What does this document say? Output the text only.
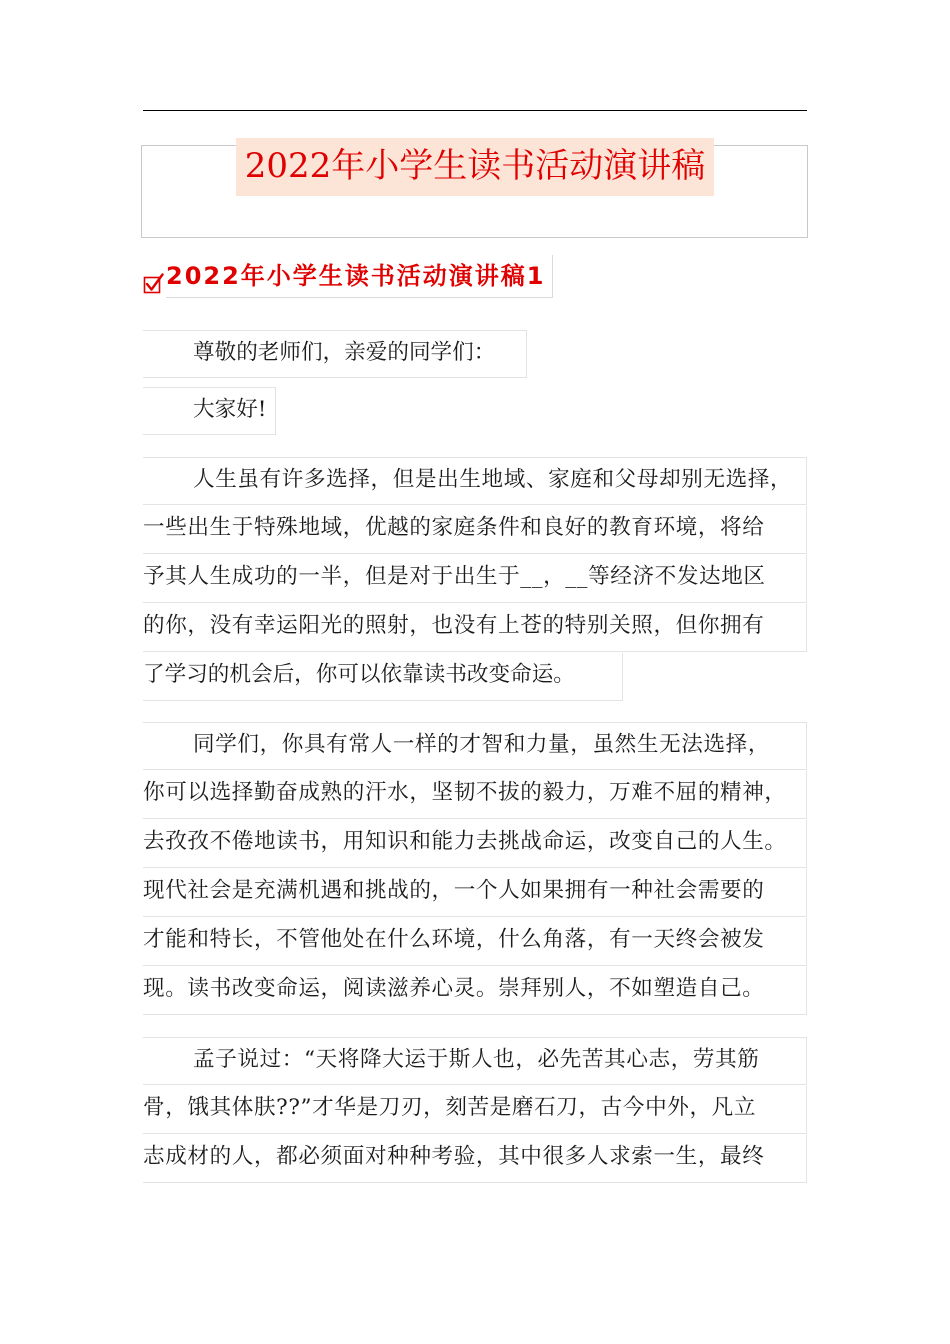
2022年小学生读书活动演讲稿
2022年小学生读书活动演讲稿1
尊敬的老师们，亲爱的同学们：
大家好!
人生虽有许多选择，但是出生地域、家庭和父母却别无选择，
一些出生于特殊地域，优越的家庭条件和良好的教育环境，将给
予其人生成功的一半，但是对于出生于__，__等经济不发达地区
的你，没有幸运阳光的照射，也没有上苍的特别关照，但你拥有
了学习的机会后，你可以依靠读书改变命运。
同学们，你具有常人一样的才智和力量，虽然生无法选择，
你可以选择勤奋成熟的汗水，坚韧不拔的毅力，万难不屈的精神，
去孜孜不倦地读书，用知识和能力去挑战命运，改变自己的人生。
现代社会是充满机遇和挑战的，一个人如果拥有一种社会需要的
才能和特长，不管他处在什么环境，什么角落，有一天终会被发
现。读书改变命运，阅读滋养心灵。崇拜别人，不如塑造自己。
孟子说过：“天将降大运于斯人也，必先苦其心志，劳其筋
骨，饿其体肤??”才华是刀刃，刻苦是磨石刀，古今中外，凡立
志成材的人，都必须面对种种考验，其中很多人求索一生，最终
